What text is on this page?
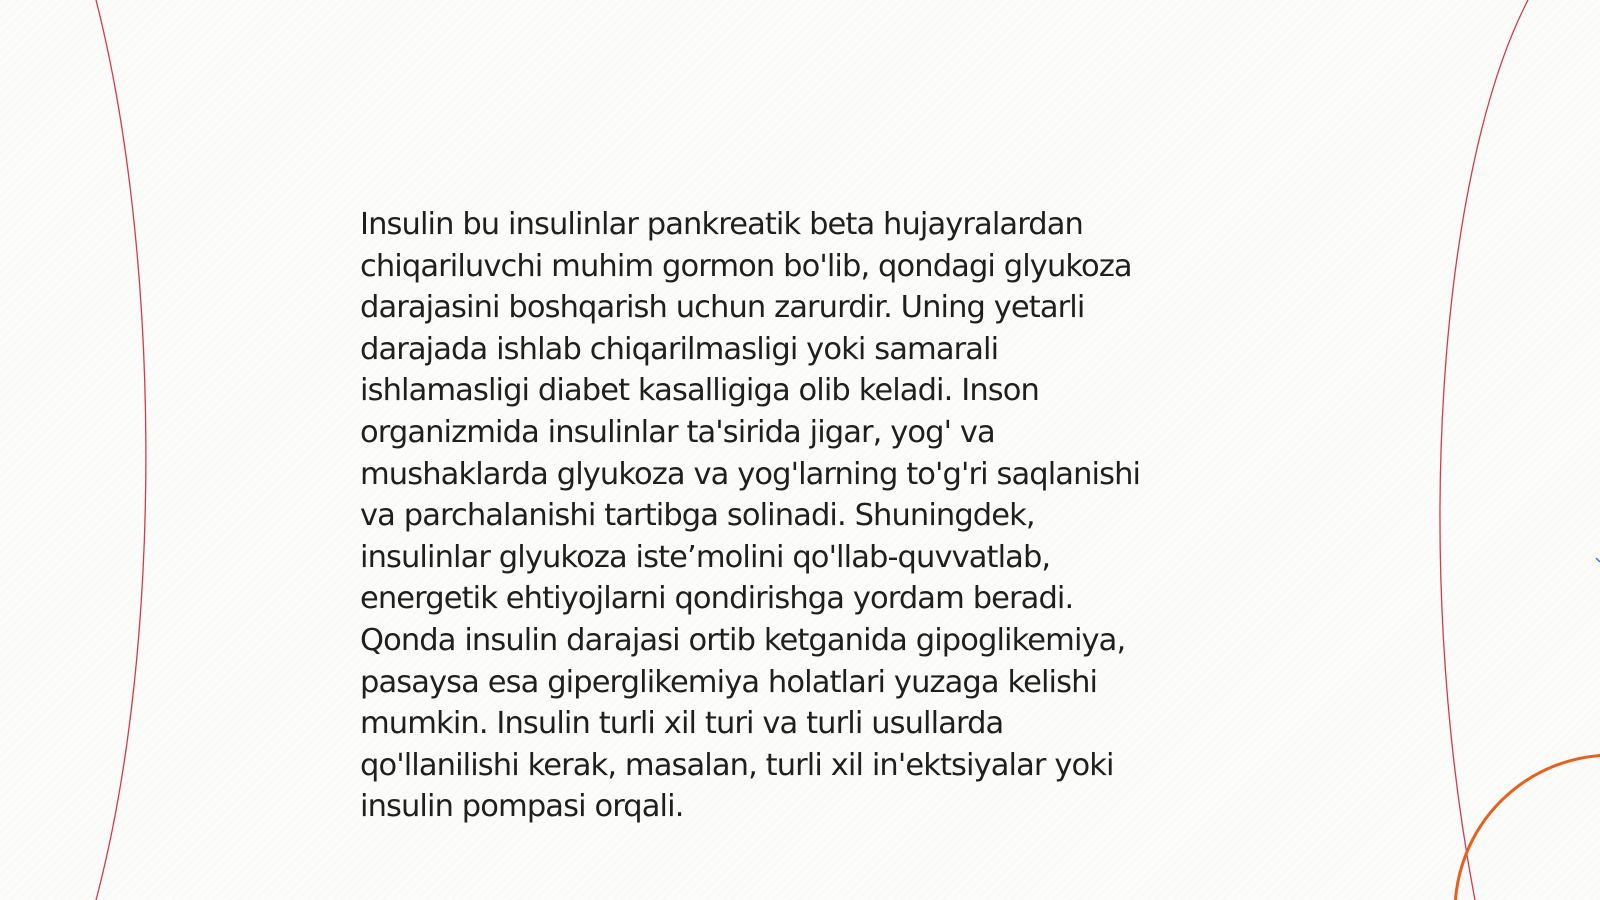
Insulin bu insulinlar pankreatik beta hujayralardan
chiqariluvchi muhim gormon bo'lib, qondagi glyukoza
darajasini boshqarish uchun zarurdir. Uning yetarli
darajada ishlab chiqarilmasligi yoki samarali
ishlamasligi diabet kasalligiga olib keladi. Inson
organizmida insulinlar ta'sirida jigar, yog' va
mushaklarda glyukoza va yog'larning to'g'ri saqlanishi
va parchalanishi tartibga solinadi. Shuningdek,
insulinlar glyukoza iste’molini qo'llab-quvvatlab,
energetik ehtiyojlarni qondirishga yordam beradi.
Qonda insulin darajasi ortib ketganida gipoglikemiya,
pasaysa esa giperglikemiya holatlari yuzaga kelishi
mumkin. Insulin turli xil turi va turli usullarda
qo'llanilishi kerak, masalan, turli xil in'ektsiyalar yoki
insulin pompasi orqali.
